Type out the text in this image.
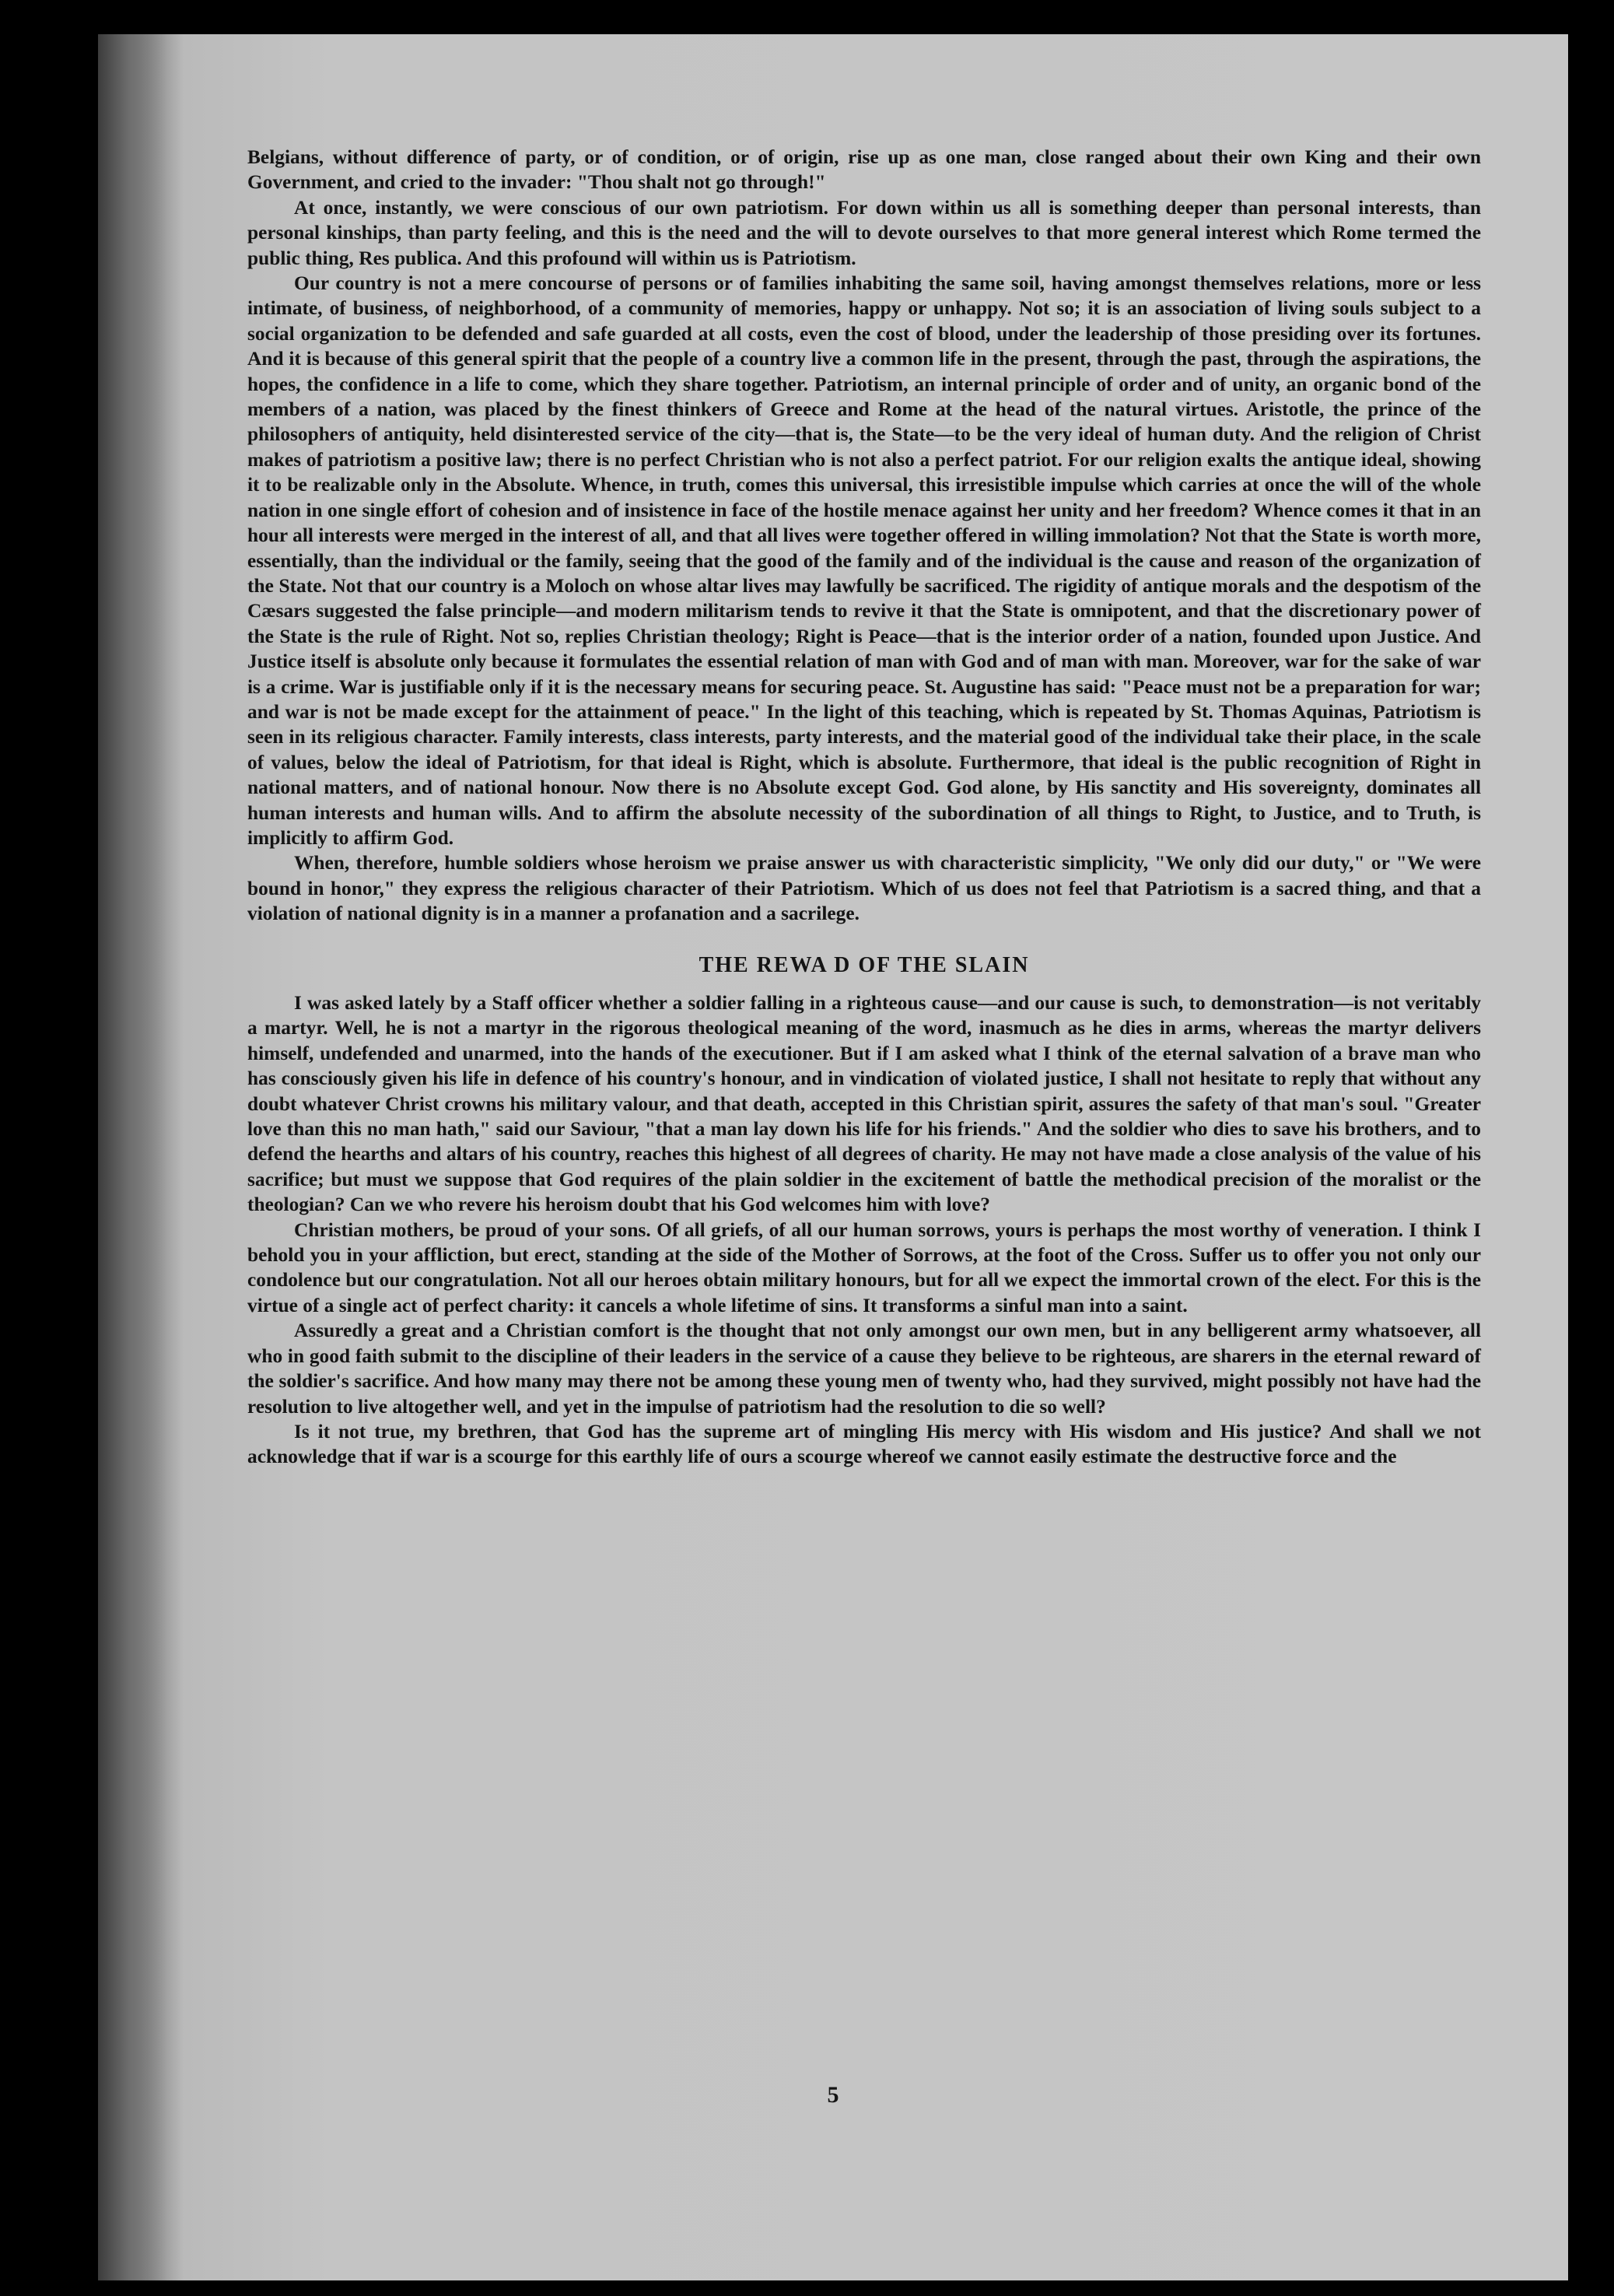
Belgians, without difference of party, or of condition, or of origin, rise up as one man, close ranged about their own King and their own Government, and cried to the invader: "Thou shalt not go through!"

At once, instantly, we were conscious of our own patriotism. For down within us all is something deeper than personal interests, than personal kinships, than party feeling, and this is the need and the will to devote ourselves to that more general interest which Rome termed the public thing, Res publica. And this profound will within us is Patriotism.

Our country is not a mere concourse of persons or of families inhabiting the same soil, having amongst themselves relations, more or less intimate, of business, of neighborhood, of a community of memories, happy or unhappy. Not so; it is an association of living souls subject to a social organization to be defended and safe guarded at all costs, even the cost of blood, under the leadership of those presiding over its fortunes. And it is because of this general spirit that the people of a country live a common life in the present, through the past, through the aspirations, the hopes, the confidence in a life to come, which they share together. Patriotism, an internal principle of order and of unity, an organic bond of the members of a nation, was placed by the finest thinkers of Greece and Rome at the head of the natural virtues. Aristotle, the prince of the philosophers of antiquity, held disinterested service of the city—that is, the State—to be the very ideal of human duty. And the religion of Christ makes of patriotism a positive law; there is no perfect Christian who is not also a perfect patriot. For our religion exalts the antique ideal, showing it to be realizable only in the Absolute. Whence, in truth, comes this universal, this irresistible impulse which carries at once the will of the whole nation in one single effort of cohesion and of insistence in face of the hostile menace against her unity and her freedom? Whence comes it that in an hour all interests were merged in the interest of all, and that all lives were together offered in willing immolation? Not that the State is worth more, essentially, than the individual or the family, seeing that the good of the family and of the individual is the cause and reason of the organization of the State. Not that our country is a Moloch on whose altar lives may lawfully be sacrificed. The rigidity of antique morals and the despotism of the Cæsars suggested the false principle—and modern militarism tends to revive it that the State is omnipotent, and that the discretionary power of the State is the rule of Right. Not so, replies Christian theology; Right is Peace—that is the interior order of a nation, founded upon Justice. And Justice itself is absolute only because it formulates the essential relation of man with God and of man with man. Moreover, war for the sake of war is a crime. War is justifiable only if it is the necessary means for securing peace. St. Augustine has said: "Peace must not be a preparation for war; and war is not be made except for the attainment of peace." In the light of this teaching, which is repeated by St. Thomas Aquinas, Patriotism is seen in its religious character. Family interests, class interests, party interests, and the material good of the individual take their place, in the scale of values, below the ideal of Patriotism, for that ideal is Right, which is absolute. Furthermore, that ideal is the public recognition of Right in national matters, and of national honour. Now there is no Absolute except God. God alone, by His sanctity and His sovereignty, dominates all human interests and human wills. And to affirm the absolute necessity of the subordination of all things to Right, to Justice, and to Truth, is implicitly to affirm God.

When, therefore, humble soldiers whose heroism we praise answer us with characteristic simplicity, "We only did our duty," or "We were bound in honor," they express the religious character of their Patriotism. Which of us does not feel that Patriotism is a sacred thing, and that a violation of national dignity is in a manner a profanation and a sacrilege.

THE REWA D OF THE SLAIN

I was asked lately by a Staff officer whether a soldier falling in a righteous cause—and our cause is such, to demonstration—is not veritably a martyr. Well, he is not a martyr in the rigorous theological meaning of the word, inasmuch as he dies in arms, whereas the martyr delivers himself, undefended and unarmed, into the hands of the executioner. But if I am asked what I think of the eternal salvation of a brave man who has consciously given his life in defence of his country's honour, and in vindication of violated justice, I shall not hesitate to reply that without any doubt whatever Christ crowns his military valour, and that death, accepted in this Christian spirit, assures the safety of that man's soul. "Greater love than this no man hath," said our Saviour, "that a man lay down his life for his friends." And the soldier who dies to save his brothers, and to defend the hearths and altars of his country, reaches this highest of all degrees of charity. He may not have made a close analysis of the value of his sacrifice; but must we suppose that God requires of the plain soldier in the excitement of battle the methodical precision of the moralist or the theologian? Can we who revere his heroism doubt that his God welcomes him with love?

Christian mothers, be proud of your sons. Of all griefs, of all our human sorrows, yours is perhaps the most worthy of veneration. I think I behold you in your affliction, but erect, standing at the side of the Mother of Sorrows, at the foot of the Cross. Suffer us to offer you not only our condolence but our congratulation. Not all our heroes obtain military honours, but for all we expect the immortal crown of the elect. For this is the virtue of a single act of perfect charity: it cancels a whole lifetime of sins. It transforms a sinful man into a saint.

Assuredly a great and a Christian comfort is the thought that not only amongst our own men, but in any belligerent army whatsoever, all who in good faith submit to the discipline of their leaders in the service of a cause they believe to be righteous, are sharers in the eternal reward of the soldier's sacrifice. And how many may there not be among these young men of twenty who, had they survived, might possibly not have had the resolution to live altogether well, and yet in the impulse of patriotism had the resolution to die so well?

Is it not true, my brethren, that God has the supreme art of mingling His mercy with His wisdom and His justice? And shall we not acknowledge that if war is a scourge for this earthly life of ours a scourge whereof we cannot easily estimate the destructive force and the

5
